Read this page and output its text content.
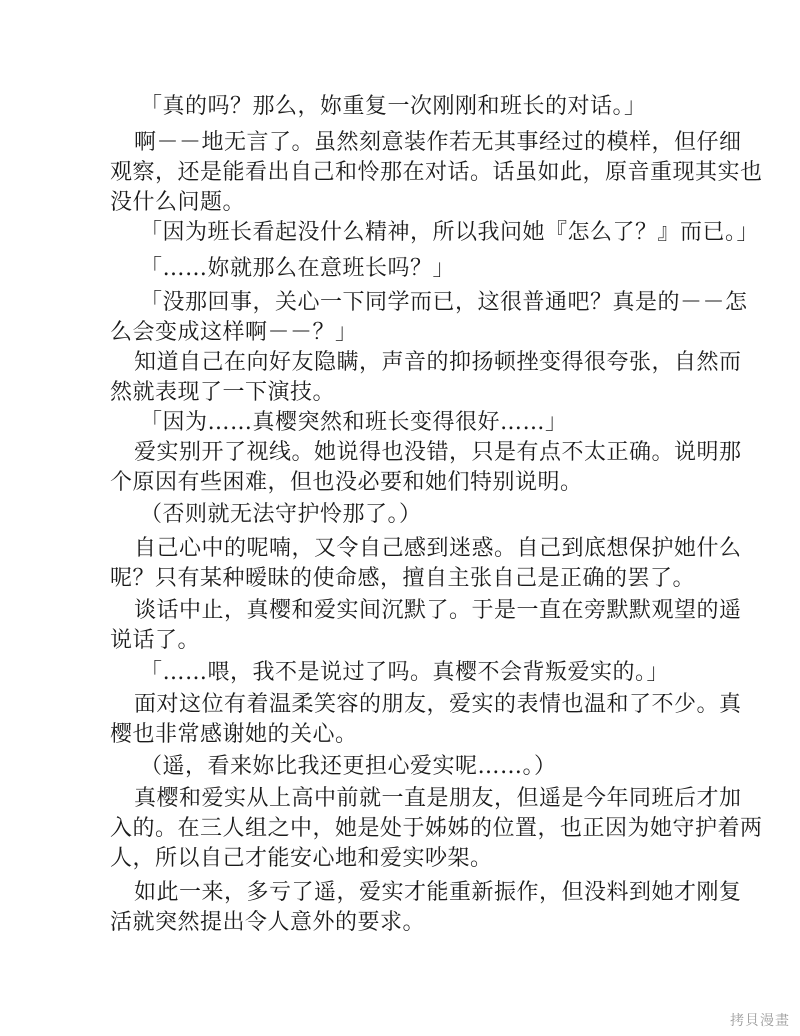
「真的吗？那么，妳重复一次刚刚和班长的对话。」
啊－－地无言了。虽然刻意装作若无其事经过的模样，但仔细
观察，还是能看出自己和怜那在对话。话虽如此，原音重现其实也
没什么问题。
「因为班长看起没什么精神，所以我问她『怎么了？』而已。」
「……妳就那么在意班长吗？」
「没那回事，关心一下同学而已，这很普通吧？真是的－－怎
么会变成这样啊－－？」
知道自己在向好友隐瞒，声音的抑扬顿挫变得很夸张，自然而
然就表现了一下演技。
「因为……真樱突然和班长变得很好……」
爱实别开了视线。她说得也没错，只是有点不太正确。说明那
个原因有些困难，但也没必要和她们特别说明。
（否则就无法守护怜那了。）
自己心中的呢喃，又令自己感到迷惑。自己到底想保护她什么
呢？只有某种暧昧的使命感，擅自主张自己是正确的罢了。
谈话中止，真樱和爱实间沉默了。于是一直在旁默默观望的遥
说话了。
「……喂，我不是说过了吗。真樱不会背叛爱实的。」
面对这位有着温柔笑容的朋友，爱实的表情也温和了不少。真
樱也非常感谢她的关心。
（遥，看来妳比我还更担心爱实呢……。）
真樱和爱实从上高中前就一直是朋友，但遥是今年同班后才加
入的。在三人组之中，她是处于姊姊的位置，也正因为她守护着两
人，所以自己才能安心地和爱实吵架。
如此一来，多亏了遥，爱实才能重新振作，但没料到她才刚复
活就突然提出令人意外的要求。
拷貝漫畫
